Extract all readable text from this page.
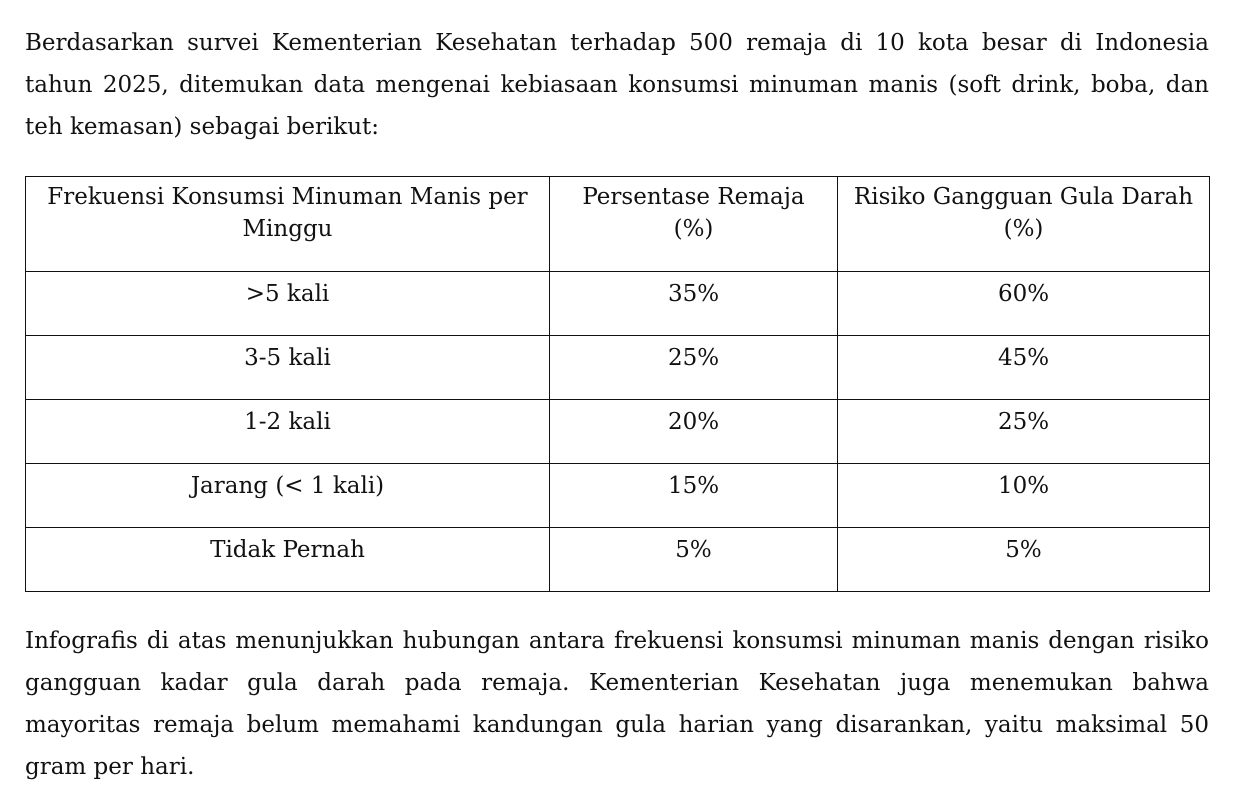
Berdasarkan survei Kementerian Kesehatan terhadap 500 remaja di 10 kota besar di Indonesia tahun 2025, ditemukan data mengenai kebiasaan konsumsi minuman manis (soft drink, boba, dan teh kemasan) sebagai berikut:

Frekuensi Konsumsi Minuman Manis per Minggu	Persentase Remaja (%)	Risiko Gangguan Gula Darah (%)
>5 kali	35%	60%
3-5 kali	25%	45%
1-2 kali	20%	25%
Jarang (< 1 kali)	15%	10%
Tidak Pernah	5%	5%

Infografis di atas menunjukkan hubungan antara frekuensi konsumsi minuman manis dengan risiko gangguan kadar gula darah pada remaja. Kementerian Kesehatan juga menemukan bahwa mayoritas remaja belum memahami kandungan gula harian yang disarankan, yaitu maksimal 50 gram per hari.
